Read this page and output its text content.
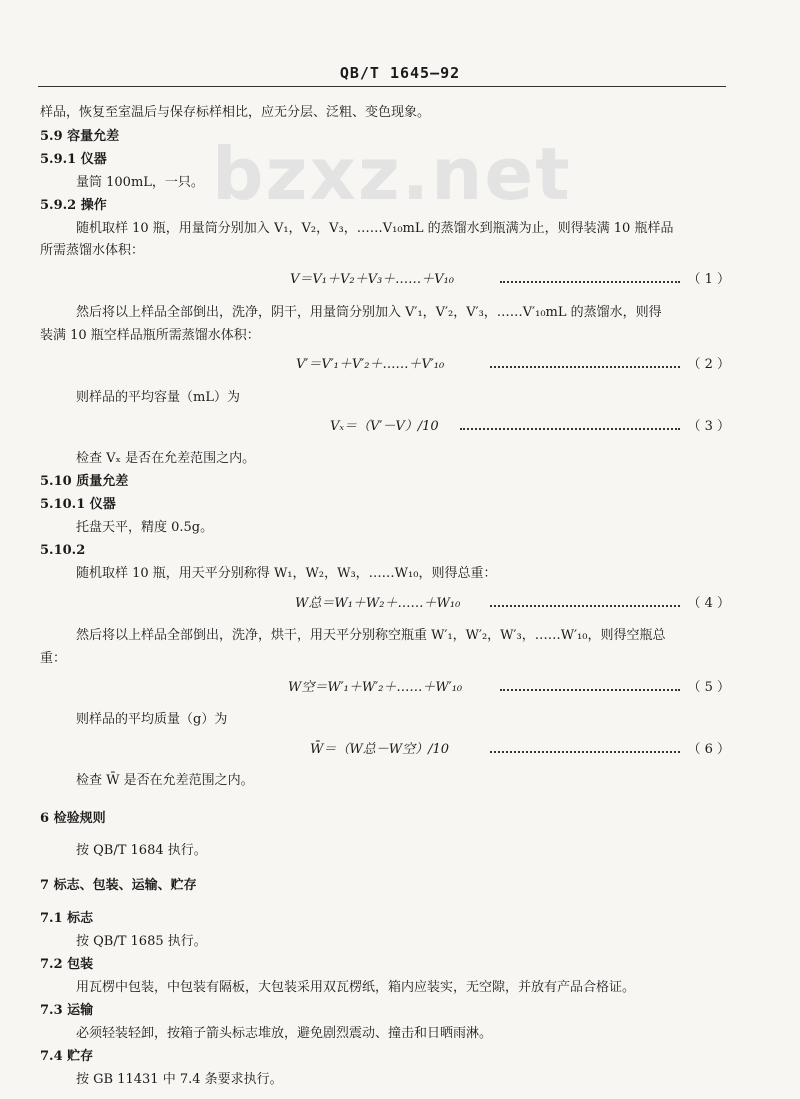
QB/T 1645—92
bzxz.net
样品，恢复至室温后与保存标样相比，应无分层、泛粗、变色现象。
5.9 容量允差
5.9.1 仪器
量筒 100mL，一只。
5.9.2 操作
随机取样 10 瓶，用量筒分别加入 V₁，V₂，V₃，……V₁₀mL 的蒸馏水到瓶满为止，则得装满 10 瓶样品
所需蒸馏水体积：
V＝V₁＋V₂＋V₃＋……＋V₁₀	（ 1 ）
然后将以上样品全部倒出，洗净，阴干，用量筒分别加入 V′₁，V′₂，V′₃，……V′₁₀mL 的蒸馏水，则得
装满 10 瓶空样品瓶所需蒸馏水体积：
V′＝V′₁＋V′₂＋……＋V′₁₀	（ 2 ）
则样品的平均容量（mL）为
Vₓ＝（V′－V）/10	（ 3 ）
检查 Vₓ 是否在允差范围之内。
5.10 质量允差
5.10.1 仪器
托盘天平，精度 0.5g。
5.10.2
随机取样 10 瓶，用天平分别称得 W₁，W₂，W₃，……W₁₀，则得总重：
W总＝W₁＋W₂＋……＋W₁₀	（ 4 ）
然后将以上样品全部倒出，洗净，烘干，用天平分别称空瓶重 W′₁，W′₂，W′₃，……W′₁₀，则得空瓶总
重：
W空＝W′₁＋W′₂＋……＋W′₁₀	（ 5 ）
则样品的平均质量（g）为
W̄＝（W总－W空）/10	（ 6 ）
检查 W̄ 是否在允差范围之内。
6 检验规则
按 QB/T 1684 执行。
7 标志、包装、运输、贮存
7.1 标志
按 QB/T 1685 执行。
7.2 包装
用瓦楞中包装，中包装有隔板，大包装采用双瓦楞纸，箱内应装实，无空隙，并放有产品合格证。
7.3 运输
必须轻装轻卸，按箱子箭头标志堆放，避免剧烈震动、撞击和日晒雨淋。
7.4 贮存
按 GB 11431 中 7.4 条要求执行。
